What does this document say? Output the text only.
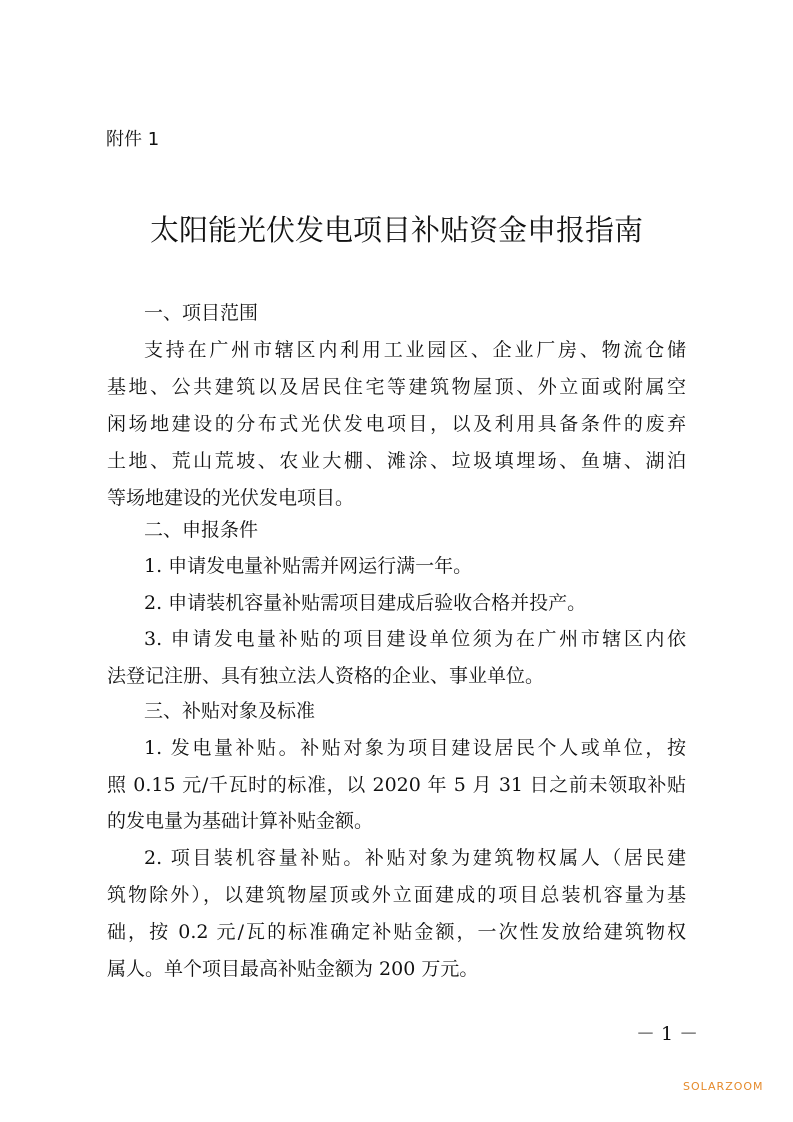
附件 1
太阳能光伏发电项目补贴资金申报指南
一、项目范围
支持在广州市辖区内利用工业园区、企业厂房、物流仓储
基地、公共建筑以及居民住宅等建筑物屋顶、外立面或附属空
闲场地建设的分布式光伏发电项目，以及利用具备条件的废弃
土地、荒山荒坡、农业大棚、滩涂、垃圾填埋场、鱼塘、湖泊
等场地建设的光伏发电项目。
二、申报条件
1. 申请发电量补贴需并网运行满一年。
2. 申请装机容量补贴需项目建成后验收合格并投产。
3. 申请发电量补贴的项目建设单位须为在广州市辖区内依
法登记注册、具有独立法人资格的企业、事业单位。
三、补贴对象及标准
1. 发电量补贴。补贴对象为项目建设居民个人或单位，按
照 0.15 元/千瓦时的标准，以 2020 年 5 月 31 日之前未领取补贴
的发电量为基础计算补贴金额。
2. 项目装机容量补贴。补贴对象为建筑物权属人（居民建
筑物除外），以建筑物屋顶或外立面建成的项目总装机容量为基
础，按 0.2 元/瓦的标准确定补贴金额，一次性发放给建筑物权
属人。单个项目最高补贴金额为 200 万元。
－ 1 －
SOLARZOOM
